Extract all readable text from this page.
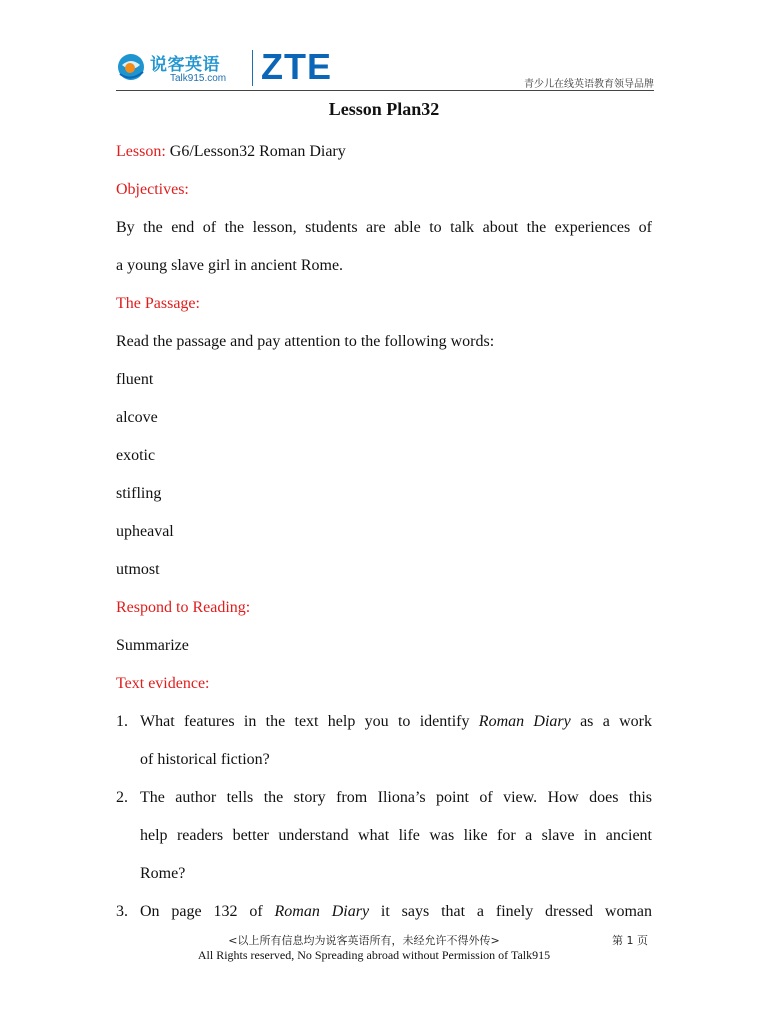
说客英语
Talk915.com ZTE	青少儿在线英语教育领导品牌
Lesson Plan32
Lesson: G6/Lesson32 Roman Diary
Objectives:
By the end of the lesson, students are able to talk about the experiences of
a young slave girl in ancient Rome.
The Passage:
Read the passage and pay attention to the following words:
fluent
alcove
exotic
stifling
upheaval
utmost
Respond to Reading:
Summarize
Text evidence:
1. What features in the text help you to identify Roman Diary as a work
of historical fiction?
2. The author tells the story from Iliona’s point of view. How does this
help readers better understand what life was like for a slave in ancient
Rome?
3. On page 132 of Roman Diary it says that a finely dressed woman
<以上所有信息均为说客英语所有，未经允许不得外传>	第 1 页
All Rights reserved, No Spreading abroad without Permission of Talk915
